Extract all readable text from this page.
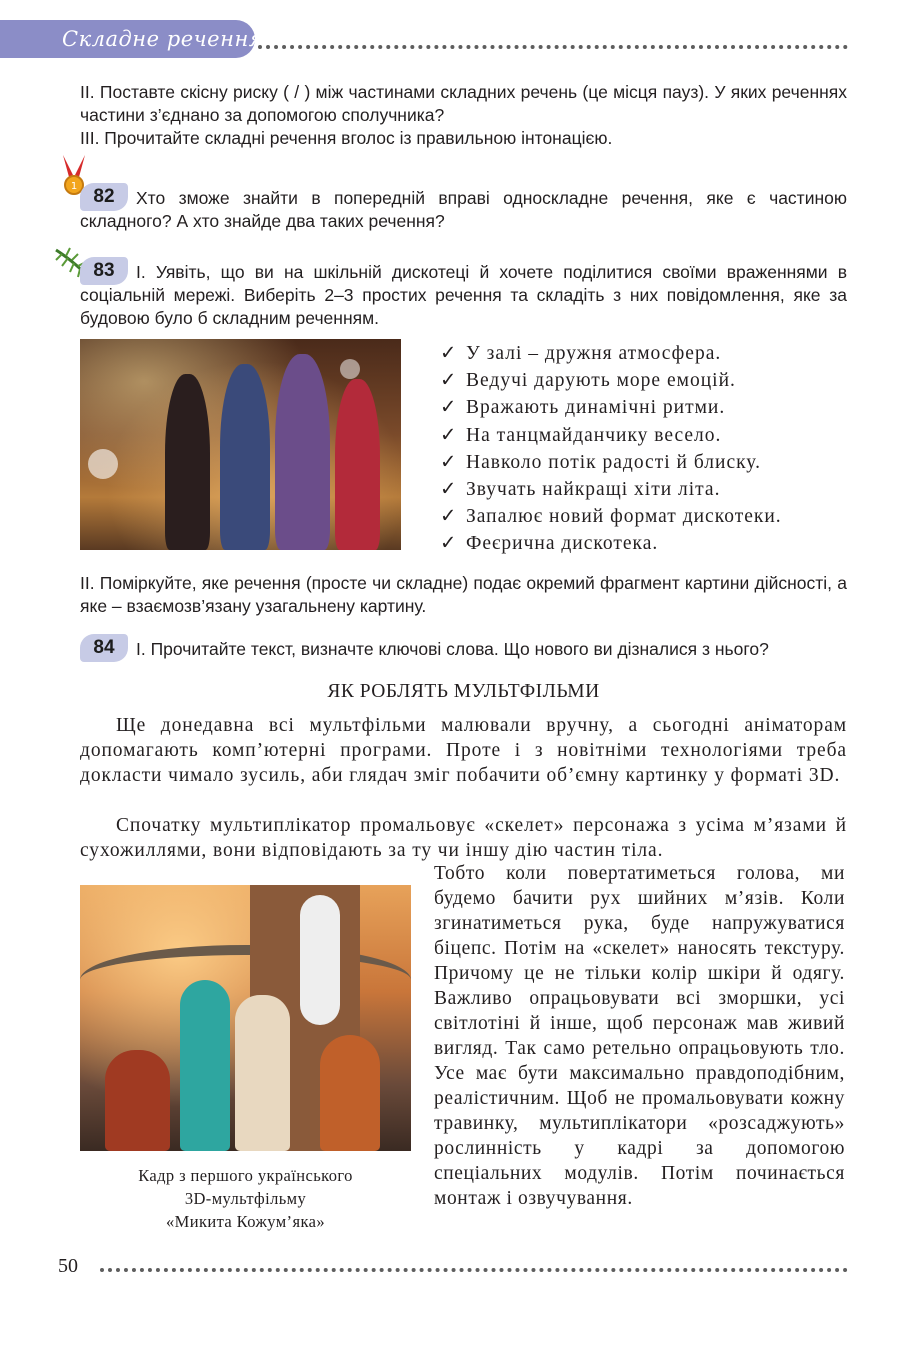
Складне речення

ІІ. Поставте скісну риску ( / ) між частинами складних речень (це місця пауз). У яких реченнях частини з’єднано за допомогою сполучника?

ІІІ. Прочитайте складні речення вголос із правильною інтонацією.

1 82	Хто зможе знайти в попередній вправі односкладне речення, яке є частиною складного? А хто знайде два таких речення?

83	І. Уявіть, що ви на шкільній дискотеці й хочете поділитися своїми враженнями в соціальній мережі. Виберіть 2–3 простих речення та складіть з них повідомлення, яке за будовою було б складним реченням.

✓ У залі – дружня атмосфера.
✓ Ведучі дарують море емоцій.
✓ Вражають динамічні ритми.
✓ На танцмайданчику весело.
✓ Навколо потік радості й блиску.
✓ Звучать найкращі хіти літа.
✓ Запалює новий формат дискотеки.
✓ Феєрична дискотека.

ІІ. Поміркуйте, яке речення (просте чи складне) подає окремий фрагмент картини дійсності, а яке – взаємозв’язану узагальнену картину.

84	І. Прочитайте текст, визначте ключові слова. Що нового ви дізналися з нього?

ЯК РОБЛЯТЬ МУЛЬТФІЛЬМИ

Ще донедавна всі мультфільми малювали вручну, а сьогодні аніматорам допомагають комп’ютерні програми. Проте і з новітніми технологіями треба докласти чимало зусиль, аби глядач зміг побачити об’ємну картинку у форматі 3D.

Спочатку мультиплікатор промальовує «скелет» персонажа з усіма м’язами й сухожиллями, вони відповідають за ту чи іншу дію частин тіла.

Кадр з першого українського
3D-мультфільму
«Микита Кожум’яка»

Тобто коли повертатиметься голова, ми будемо бачити рух шийних м’язів. Коли згинатиметься рука, буде напружуватися біцепс. Потім на «скелет» наносять текстуру. Причому це не тільки колір шкіри й одягу. Важливо опрацьовувати всі зморшки, усі світлотіні й інше, щоб персонаж мав живий вигляд. Так само ретельно опрацьовують тло. Усе має бути максимально правдоподібним, реалістичним. Щоб не промальовувати кожну травинку, мультиплікатори «розсаджують» рослинність у кадрі за допомогою спеціальних модулів. Потім починається монтаж і озвучування.

50
